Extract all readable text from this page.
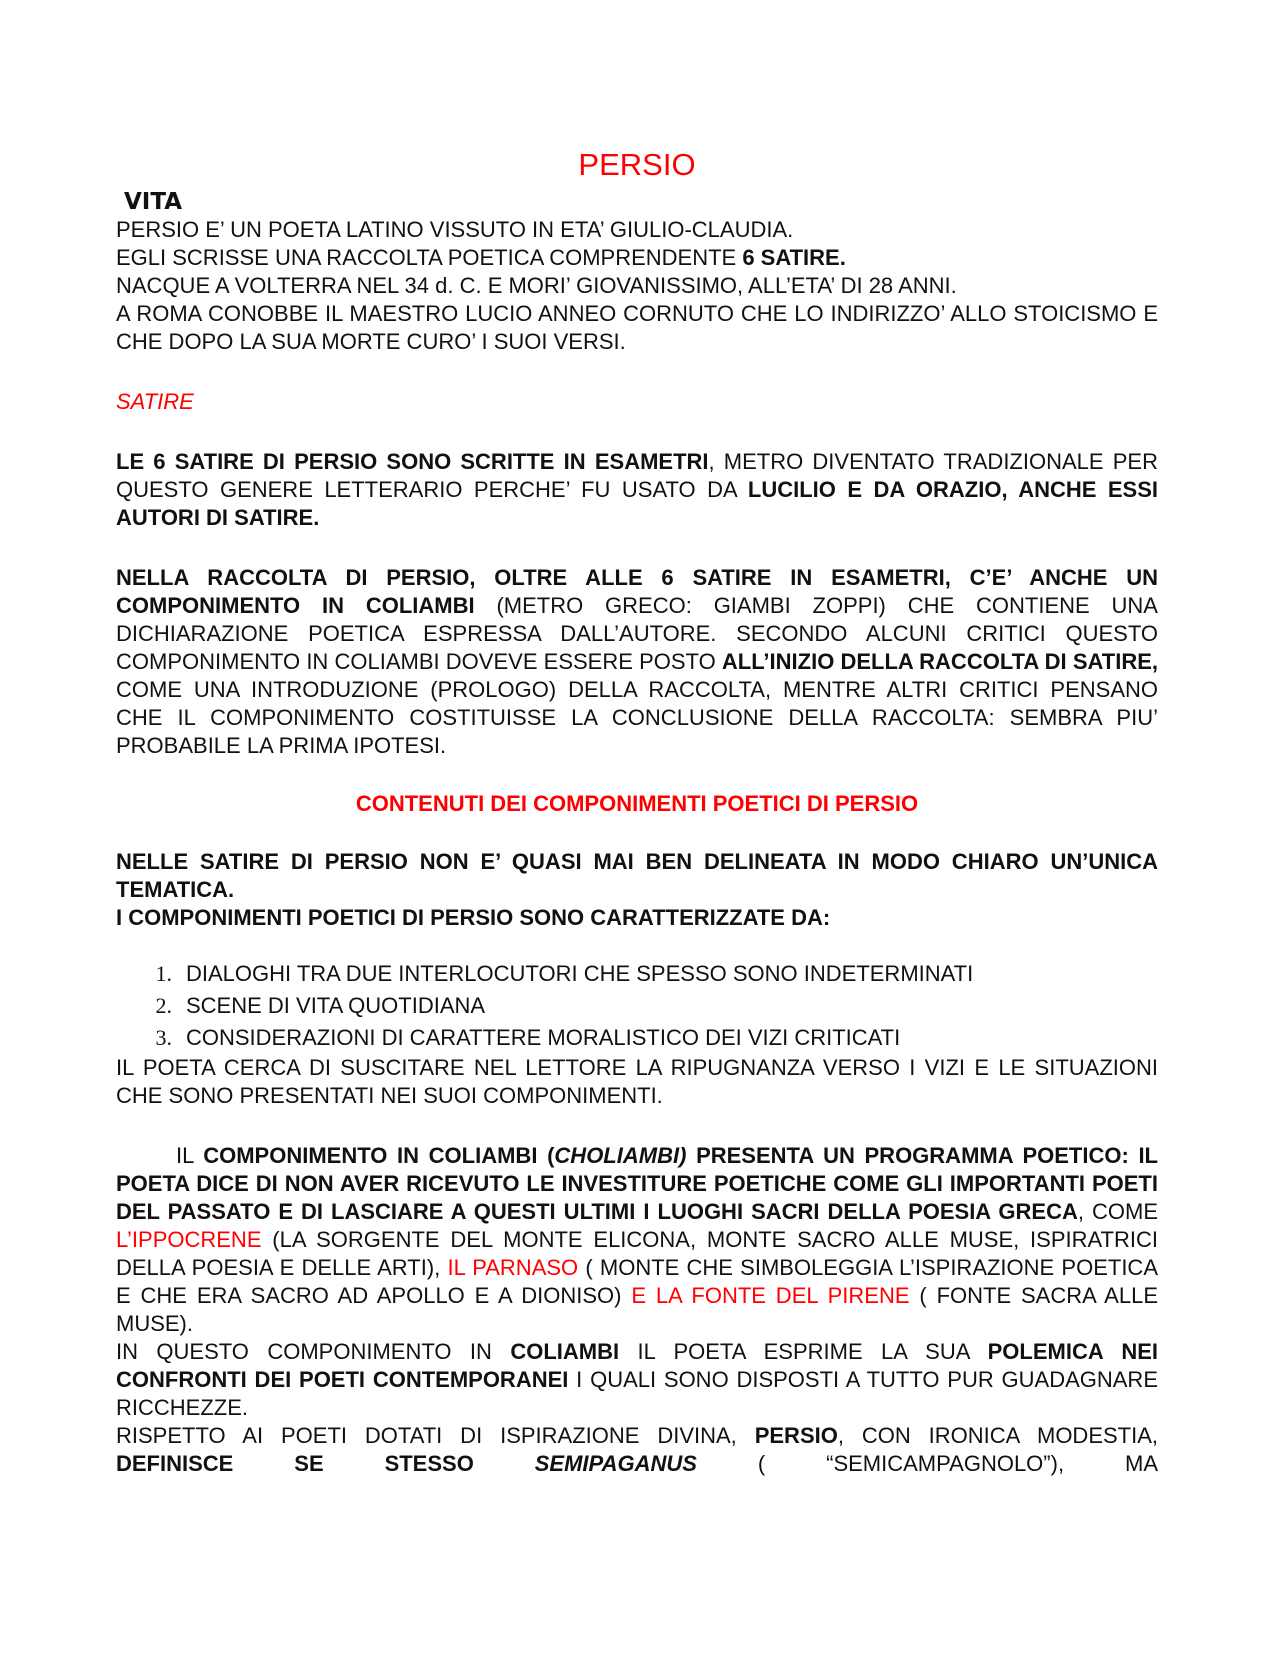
PERSIO
VITA

PERSIO E’ UN POETA LATINO VISSUTO IN ETA’ GIULIO-CLAUDIA.

EGLI SCRISSE UNA RACCOLTA POETICA COMPRENDENTE 6 SATIRE.

NACQUE A VOLTERRA NEL 34 d. C. E MORI’ GIOVANISSIMO, ALL’ETA’ DI 28 ANNI.

A ROMA CONOBBE IL MAESTRO LUCIO ANNEO CORNUTO CHE LO INDIRIZZO’ ALLO STOICISMO E CHE DOPO LA SUA MORTE CURO’ I SUOI VERSI.

SATIRE

LE 6 SATIRE DI PERSIO SONO SCRITTE IN ESAMETRI, METRO DIVENTATO TRADIZIONALE PER QUESTO GENERE LETTERARIO PERCHE’ FU USATO DA LUCILIO E DA ORAZIO, ANCHE ESSI AUTORI DI SATIRE.

NELLA RACCOLTA DI PERSIO, OLTRE ALLE 6 SATIRE IN ESAMETRI, C’E’ ANCHE UN COMPONIMENTO IN COLIAMBI (METRO GRECO: GIAMBI ZOPPI) CHE CONTIENE UNA DICHIARAZIONE POETICA ESPRESSA DALL’AUTORE. SECONDO ALCUNI CRITICI QUESTO COMPONIMENTO IN COLIAMBI DOVEVE ESSERE POSTO ALL’INIZIO DELLA RACCOLTA DI SATIRE, COME UNA INTRODUZIONE (PROLOGO) DELLA RACCOLTA, MENTRE ALTRI CRITICI PENSANO CHE IL COMPONIMENTO COSTITUISSE LA CONCLUSIONE DELLA RACCOLTA: SEMBRA PIU’ PROBABILE LA PRIMA IPOTESI.

CONTENUTI DEI COMPONIMENTI POETICI DI PERSIO

NELLE SATIRE DI PERSIO NON E’ QUASI MAI BEN DELINEATA IN MODO CHIARO UN’UNICA TEMATICA.

I COMPONIMENTI POETICI DI PERSIO SONO CARATTERIZZATE DA:

1. DIALOGHI TRA DUE INTERLOCUTORI CHE SPESSO SONO INDETERMINATI
2. SCENE DI VITA QUOTIDIANA
3. CONSIDERAZIONI DI CARATTERE MORALISTICO DEI VIZI CRITICATI

IL POETA CERCA DI SUSCITARE NEL LETTORE LA RIPUGNANZA VERSO I VIZI E LE SITUAZIONI CHE SONO PRESENTATI NEI SUOI COMPONIMENTI.

IL COMPONIMENTO IN COLIAMBI (CHOLIAMBI) PRESENTA UN PROGRAMMA POETICO: IL POETA DICE DI NON AVER RICEVUTO LE INVESTITURE POETICHE COME GLI IMPORTANTI POETI DEL PASSATO E DI LASCIARE A QUESTI ULTIMI I LUOGHI SACRI DELLA POESIA GRECA, COME L’IPPOCRENE (LA SORGENTE DEL MONTE ELICONA, MONTE SACRO ALLE MUSE, ISPIRATRICI DELLA POESIA E DELLE ARTI), IL PARNASO ( MONTE CHE SIMBOLEGGIA L’ISPIRAZIONE POETICA E CHE ERA SACRO AD APOLLO E A DIONISO) E LA FONTE DEL PIRENE ( FONTE SACRA ALLE MUSE).

IN QUESTO COMPONIMENTO IN COLIAMBI IL POETA ESPRIME LA SUA POLEMICA NEI CONFRONTI DEI POETI CONTEMPORANEI I QUALI SONO DISPOSTI A TUTTO PUR GUADAGNARE RICCHEZZE.

RISPETTO AI POETI DOTATI DI ISPIRAZIONE DIVINA, PERSIO, CON IRONICA MODESTIA, DEFINISCE SE STESSO SEMIPAGANUS ( “SEMICAMPAGNOLO”), MA
